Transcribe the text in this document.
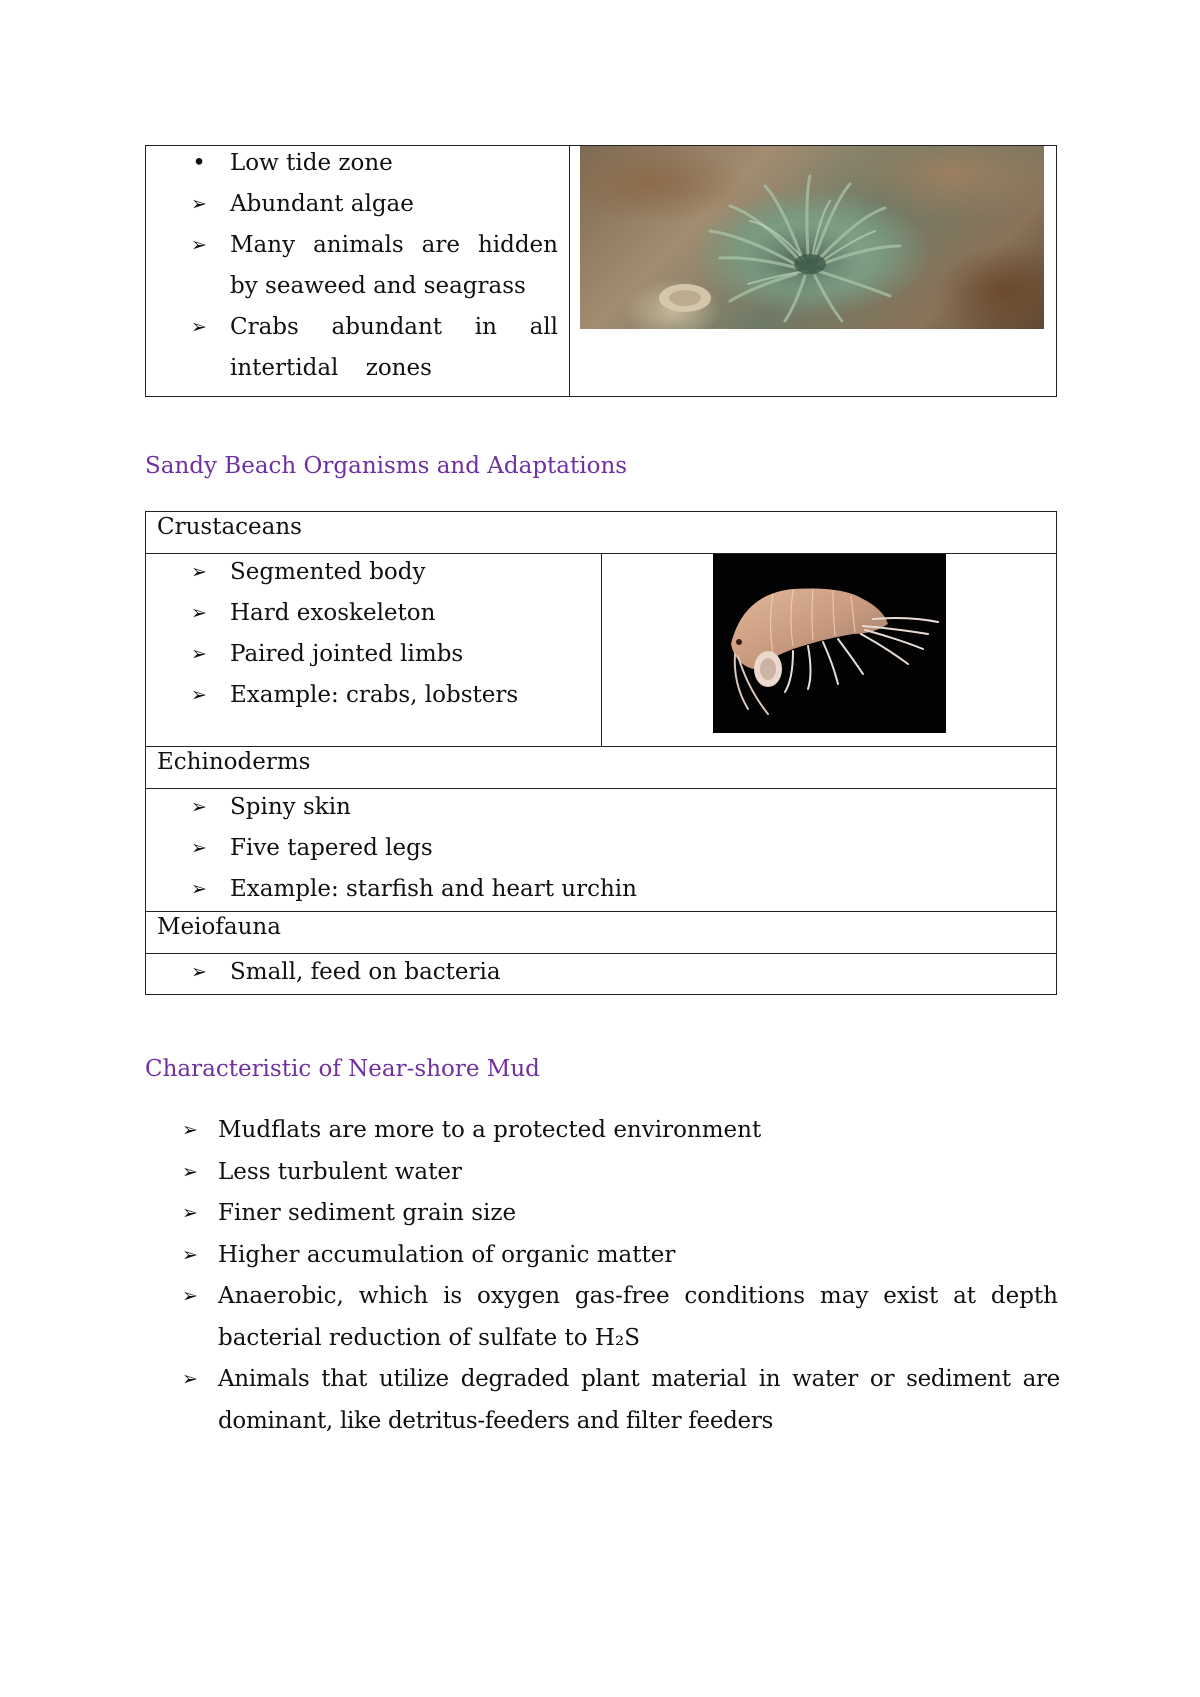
•	Low tide zone
➢	Abundant algae
➢	Many animals are hidden by seaweed and seagrass
➢	Crabs abundant in all intertidal zones
Sandy Beach Organisms and Adaptations
Crustaceans
➢	Segmented body
➢	Hard exoskeleton
➢	Paired jointed limbs
➢	Example: crabs, lobsters
Echinoderms
➢	Spiny skin
➢	Five tapered legs
➢	Example: starfish and heart urchin
Meiofauna
➢	Small, feed on bacteria
Characteristic of Near-shore Mud
➢ Mudflats are more to a protected environment
➢ Less turbulent water
➢ Finer sediment grain size
➢ Higher accumulation of organic matter
➢ Anaerobic, which is oxygen gas-free conditions may exist at depth bacterial reduction of sulfate to H₂S
➢ Animals that utilize degraded plant material in water or sediment are dominant, like detritus-feeders and filter feeders
